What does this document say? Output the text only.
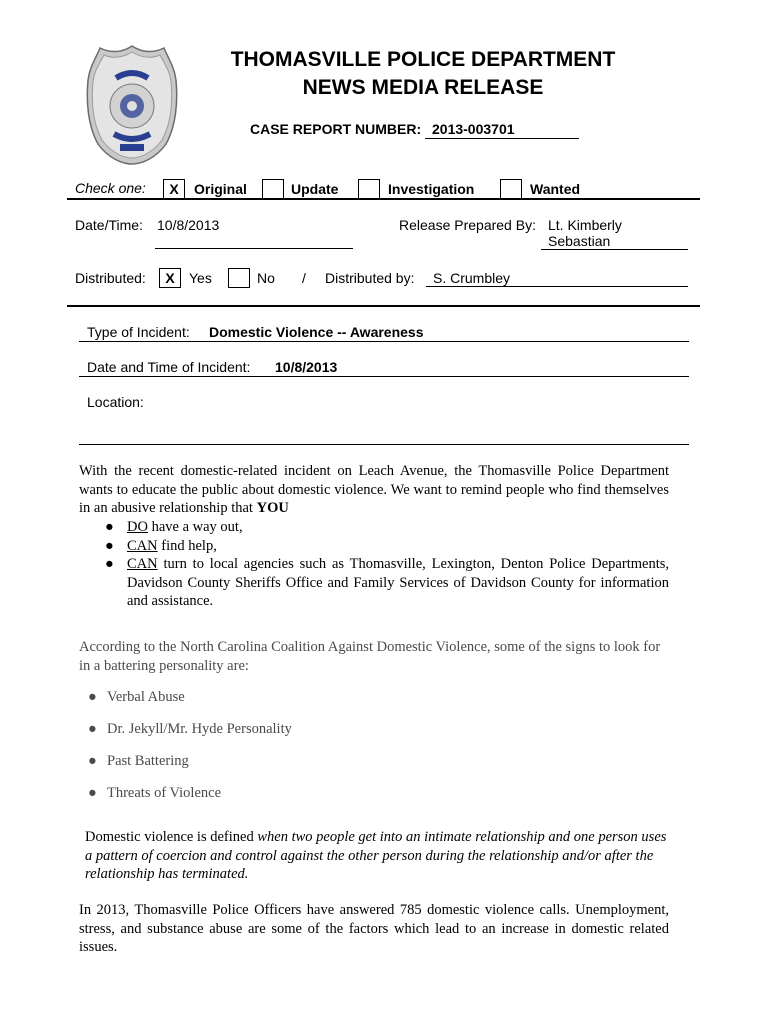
THOMASVILLE POLICE DEPARTMENT
NEWS MEDIA RELEASE
CASE REPORT NUMBER: 2013-003701
Check one:	X	Original	Update	Investigation	Wanted
Date/Time: 10/8/2013	Release Prepared By: Lt. Kimberly
Sebastian
Distributed:	X	Yes	No / Distributed by: S. Crumbley
Type of Incident: Domestic Violence -- Awareness
Date and Time of Incident: 10/8/2013
Location:
With the recent domestic-related incident on Leach Avenue, the Thomasville Police Department wants to educate the public about domestic violence. We want to remind people who find themselves in an abusive relationship that YOU
● DO have a way out,
● CAN find help,
● CAN turn to local agencies such as Thomasville, Lexington, Denton Police Departments, Davidson County Sheriffs Office and Family Services of Davidson County for information and assistance.
According to the North Carolina Coalition Against Domestic Violence, some of the signs to look for in a battering personality are:
● Verbal Abuse
● Dr. Jekyll/Mr. Hyde Personality
● Past Battering
● Threats of Violence
Domestic violence is defined when two people get into an intimate relationship and one person uses a pattern of coercion and control against the other person during the relationship and/or after the relationship has terminated.
In 2013, Thomasville Police Officers have answered 785 domestic violence calls. Unemployment, stress, and substance abuse are some of the factors which lead to an increase in domestic related issues.
